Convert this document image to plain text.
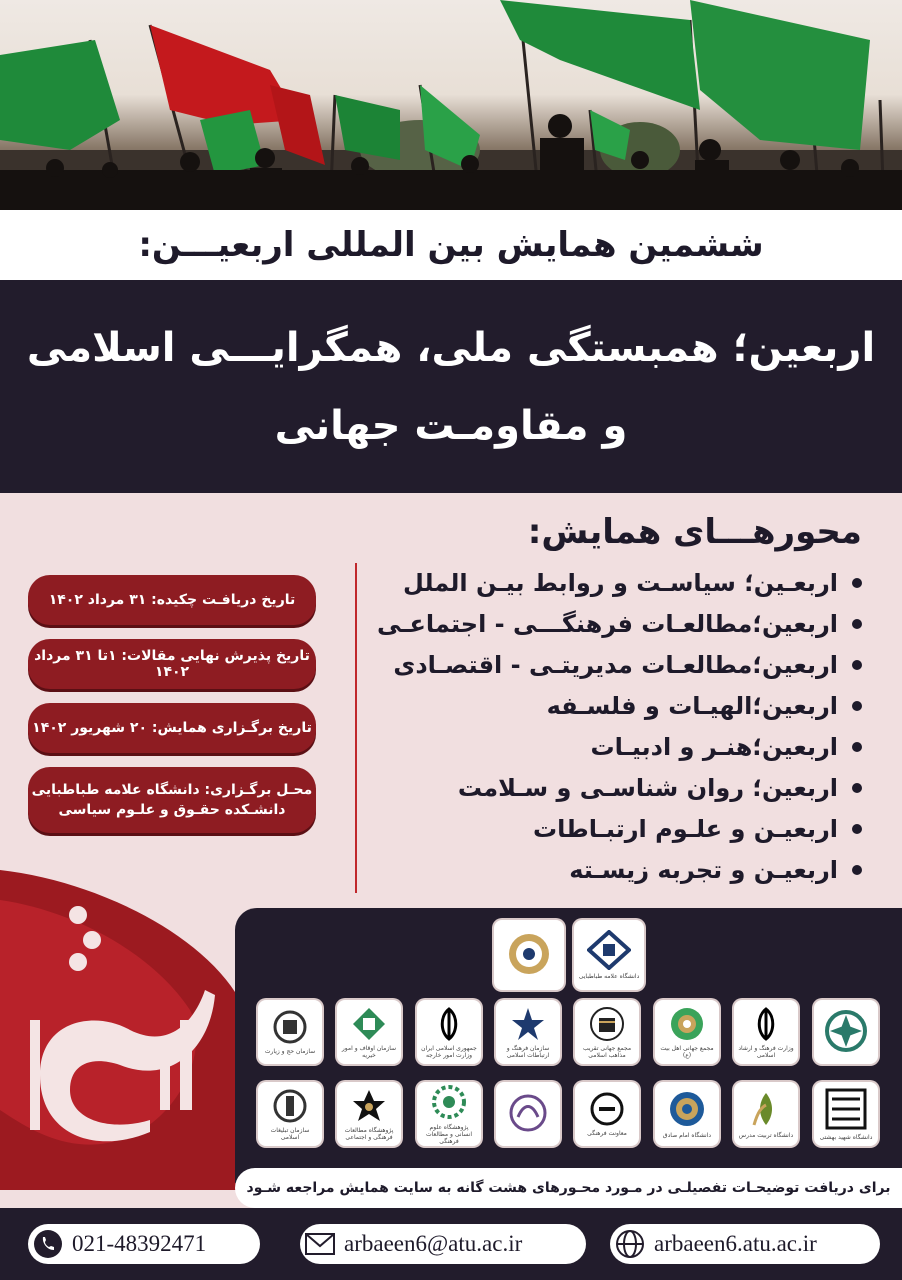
ششمین همایش بین المللی اربعیـــن:
اربعین؛ همبستگی ملی، همگرایـــی اسلامی
و مقاومـت جهانی
محورهـــای همایش:
اربعـین؛ سیاسـت و روابط بیـن الملل
اربعین؛مطالعـات فرهنگـــی - اجتماعـی
اربعین؛مطالعـات مدیریتـی - اقتصـادی
اربعین؛الهیـات و فلسـفه
اربعین؛هنـر و ادبیـات
اربعین؛ روان شناسـی و سـلامت
اربعیـن و علـوم ارتبـاطات
اربعیـن و تجربه زیسـته
تاریخ دریافـت چکیده: ۳۱ مرداد ۱۴۰۲
تاریخ پذیرش نهایی مقالات: ۱تا ۳۱ مرداد ۱۴۰۲
تاریخ برگـزاری همایش: ۲۰ شهریور ۱۴۰۲
محـل برگـزاری: دانشگاه علامه طباطبایی
دانشـکده حقـوق و علـوم سیاسی
دانشگاه علامه طباطبایی
سازمان حج و زیارت	سازمان اوقاف و امور خیریه
جمهوری اسلامی ایران وزارت امور خارجه
سازمان فرهنگ و ارتباطات اسلامی
مجمع جهانی تقریب مذاهب اسلامی
مجمع جهانی اهل بیت (ع)
وزارت فرهنگ و ارشاد اسلامی
سازمان تبلیغات اسلامی
پژوهشگاه مطالعات فرهنگی و اجتماعی
پژوهشگاه علوم انسانی و مطالعات فرهنگی
معاونت فرهنگی	دانشگاه امام صادق	دانشگاه تربیت مدرس	دانشگاه شهید بهشتی
برای دریافت توضیحـات تفصیلـی در مـورد محـورهای هشت گانه به سایت همایش مراجعه شـود
021-48392471	arbaeen6@atu.ac.ir	arbaeen6.atu.ac.ir
